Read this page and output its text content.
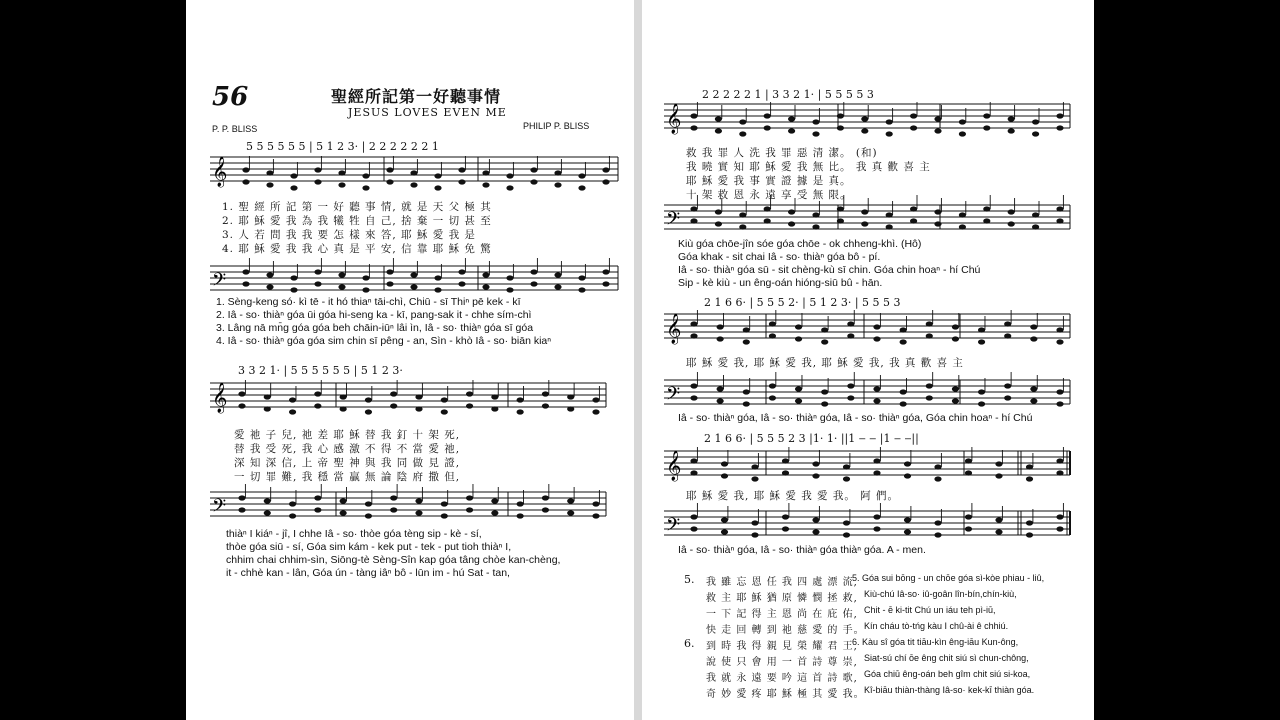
56	聖經所記第一好聽事情
JESUS LOVES EVEN ME
P. P. BLISS	PHILIP P. BLISS
5 5 5 5 5 5 | 5 1 2 3· | 2 2 2 2 2 2 1
𝄞
𝄢
𝄞
𝄢
1. 聖 經 所 記 第 一 好 聽 事 情, 就 是 天 父 極 其
2. 耶 穌 愛 我 為 我 犧 牲 自 己, 捨 棄 一 切 甚 至
3. 人 若 問 我 我 要 怎 樣 來 答, 耶 穌 愛 我 是
4. 耶 穌 愛 我 我 心 真 是 平 安, 信 靠 耶 穌 免 驚
1. Sèng-keng só· kì tē - it hó thiaⁿ tāi-chì, Chiū - sī Thiⁿ pē kek - kī
2. Iâ - so· thiàⁿ góa ūi góa hi-seng ka - kī, pang-sak it - chhe sím-chì
3. Lâng nā mn̄g góa góa beh chāin-iūⁿ lâi ìn, Iâ - so· thiàⁿ góa sī góa
4. Iâ - so· thiàⁿ góa góa sim chin sī pêng - an, Sìn - khò Iâ - so· biān kiaⁿ
3 3 2 1· | 5 5 5 5 5 5 | 5 1 2 3·
愛 祂 子 兒, 祂 差 耶 穌 替 我 釘 十 架 死,
替 我 受 死, 我 心 感 激 不 得 不 當 愛 祂,
深 知 深 信, 上 帝 聖 神 與 我 同 做 見 證,
一 切 罪 難, 我 穩 當 贏 無 論 陰 府 撒 但,
thiàⁿ I kiáⁿ - jî, I chhe Iâ - so· thòe góa tèng sip - kè - sí,
thòe góa siū - sí, Góa sim kám - kek put - tek - put tioh thiàⁿ I,
chhim chai chhim-sìn, Siōng-tè Sèng-Sîn kap góa tâng chòe kan-chèng,
it - chhè kan - lân, Góa ún - tàng iâⁿ bô - lūn im - hú Sat - tan,
2 2 2 2 2 1 | 3 3 2 1· | 5 5 5 5 3
𝄞
𝄢
𝄞
𝄢
𝄞
𝄢
救 我 罪 人 洗 我 罪 惡 清 潔。 (和)
我 曉 實 知 耶 穌 愛 我 無 比。 我 真 歡 喜 主
耶 穌 愛 我 事 實 證 據 是 真。
十 架 救 恩 永 遠 享 受 無 限。
Kiù góa chōe-jîn sóe góa chōe - ok chheng-khì. (Hô)
Góa khak - sit chai Iâ - so· thiàⁿ góa bô - pí.
Iâ - so· thiàⁿ góa sū - sit chèng-kù sī chin. Góa chin hoaⁿ - hí Chú
Sip - kè kiù - un êng-oán hióng-siū bû - hān.
2 1 6 6· | 5 5 5 2· | 5 1 2 3· | 5 5 5 3
耶 穌 愛 我, 耶 穌 愛 我, 耶 穌 愛 我, 我 真 歡 喜 主
Iâ - so· thiàⁿ góa, Iâ - so· thiàⁿ góa, Iâ - so· thiàⁿ góa, Góa chin hoaⁿ - hí Chú
2 1 6 6· | 5 5 5 2 3 |1· 1· ||1 ‒ ‒ |1 ‒ ‒||
耶 穌 愛 我, 耶 穌 愛 我 愛 我。 阿 們。
Iâ - so· thiàⁿ góa, Iâ - so· thiàⁿ góa thiàⁿ góa. A - men.
5. 我 雖 忘 恩 任 我 四 處 漂 流,
救 主 耶 穌 猶 原 憐 憫 拯 救,
一 下 記 得 主 恩 尚 在 庇 佑,
快 走 回 轉 到 祂 慈 愛 的 手。
5. Góa sui bōng - un chōe góa sì-kòe phiau - liû,
Kiù-chú Iâ-so· iû-goân lîn-bín,chín-kiù,
Chit - ē ki-tit Chú un iáu teh pì-iū,
Kín cháu tò-tńg kàu I chû-ài ê chhiú.
6. 到 時 我 得 親 見 榮 耀 君 王,
說 使 只 會 用 一 首 詩 尊 崇,
我 就 永 遠 要 吟 這 首 詩 歌,
奇 妙 愛 疼 耶 穌 極 其 愛 我。
6. Kàu sî góa tit tiāu-kìn êng-iāu Kun-ông,
Siat-sú chí ōe êng chit siú sì chun-chông,
Góa chiū êng-oán beh gîm chit siú si-koa,
Kî-biāu thiàn-thàng Iâ-so· kek-kī thiàn góa.
